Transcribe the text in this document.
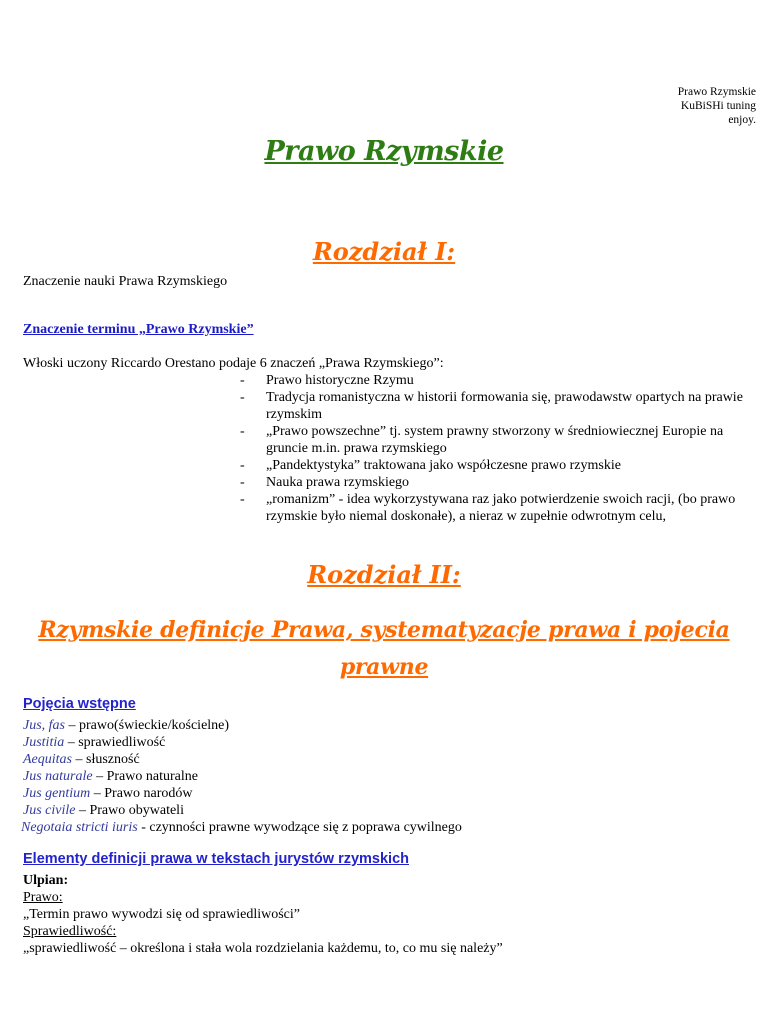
Prawo Rzymskie
KuBiSHi tuning
enjoy.
Prawo Rzymskie
Rozdział I:
Znaczenie nauki Prawa Rzymskiego
Znaczenie terminu „Prawo Rzymskie”
Włoski uczony Riccardo Orestano podaje 6 znaczeń „Prawa Rzymskiego”:
- Prawo historyczne Rzymu
- Tradycja romanistyczna w historii formowania się, prawodawstw opartych na prawie rzymskim
- „Prawo powszechne” tj. system prawny stworzony w średniowiecznej Europie na gruncie m.in. prawa rzymskiego
- „Pandektystyka” traktowana jako współczesne prawo rzymskie
- Nauka prawa rzymskiego
- „romanizm” - idea wykorzystywana raz jako potwierdzenie swoich racji, (bo prawo rzymskie było niemal doskonałe), a nieraz w zupełnie odwrotnym celu,
Rozdział II:
Rzymskie definicje Prawa, systematyzacje prawa i pojecia prawne
Pojęcia wstępne
Jus, fas – prawo(świeckie/kościelne)
Justitia – sprawiedliwość
Aequitas – słuszność
Jus naturale – Prawo naturalne
Jus gentium – Prawo narodów
Jus civile – Prawo obywateli
Negotaia stricti iuris - czynności prawne wywodzące się z poprawa cywilnego
Elementy definicji prawa w tekstach jurystów rzymskich
Ulpian:
Prawo:
„Termin prawo wywodzi się od sprawiedliwości”
Sprawiedliwość:
„sprawiedliwość – określona i stała wola rozdzielania każdemu, to, co mu się należy”
